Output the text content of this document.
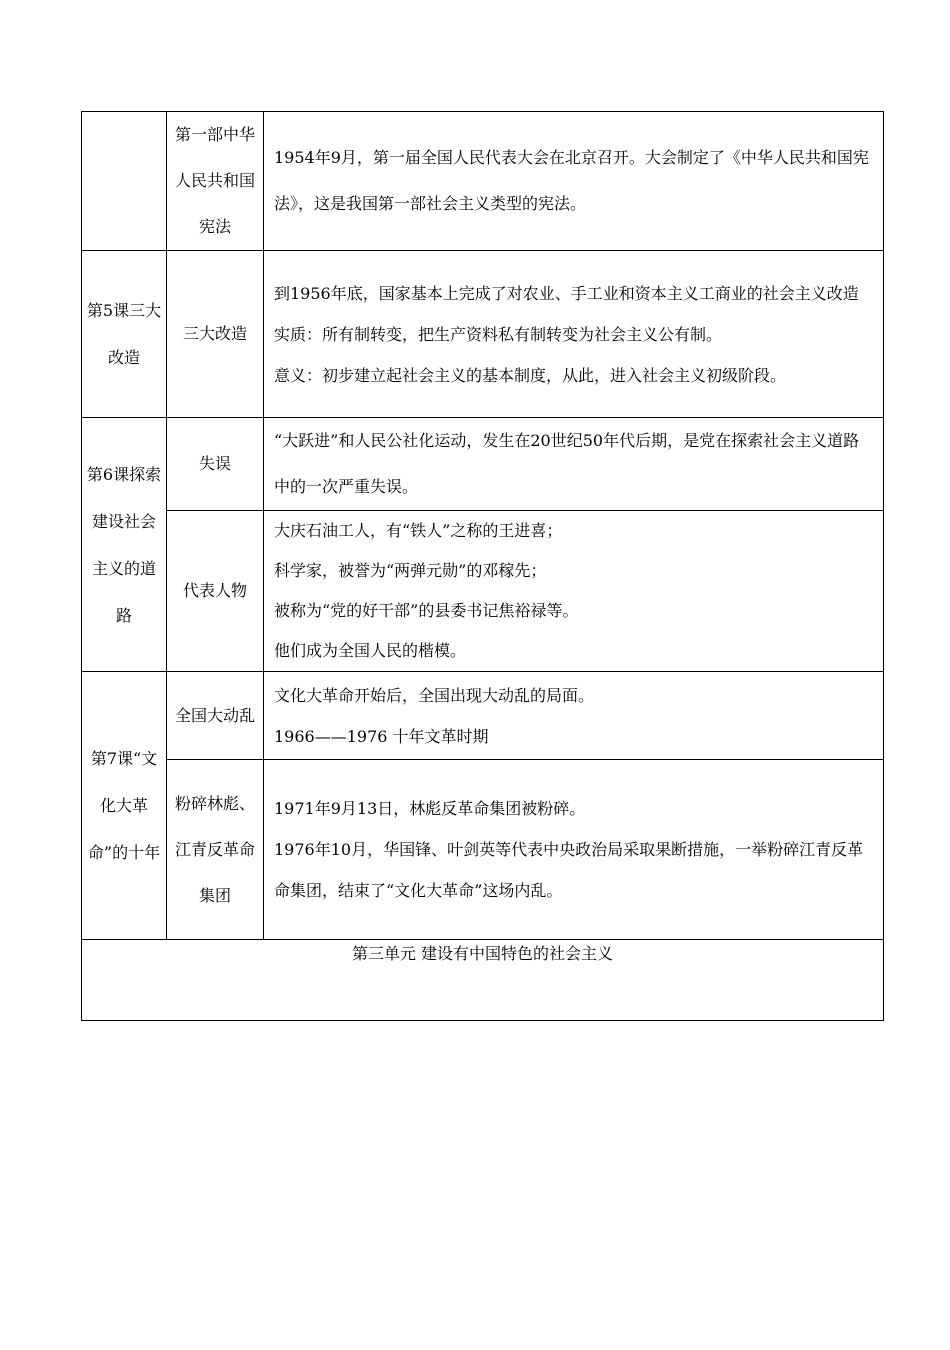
	第一部中华人民共和国宪法	1954年9月，第一届全国人民代表大会在北京召开。大会制定了《中华人民共和国宪法》，这是我国第一部社会主义类型的宪法。

第5课三大改造	三大改造	到1956年底，国家基本上完成了对农业、手工业和资本主义工商业的社会主义改造

实质：所有制转变，把生产资料私有制转变为社会主义公有制。

意义：初步建立起社会主义的基本制度，从此，进入社会主义初级阶段。

第6课探索建设社会主义的道路	失误	“大跃进”和人民公社化运动，发生在20世纪50年代后期，是党在探索社会主义道路中的一次严重失误。

	代表人物	大庆石油工人，有“铁人”之称的王进喜；

科学家，被誉为“两弹元勋”的邓稼先；

被称为“党的好干部”的县委书记焦裕禄等。

他们成为全国人民的楷模。

第7课“文化大革命”的十年	全国大动乱	文化大革命开始后，全国出现大动乱的局面。

1966——1976 十年文革时期

	粉碎林彪、江青反革命集团	1971年9月13日，林彪反革命集团被粉碎。

1976年10月，华国锋、叶剑英等代表中央政治局采取果断措施，一举粉碎江青反革命集团，结束了“文化大革命”这场内乱。

第三单元 建设有中国特色的社会主义		
